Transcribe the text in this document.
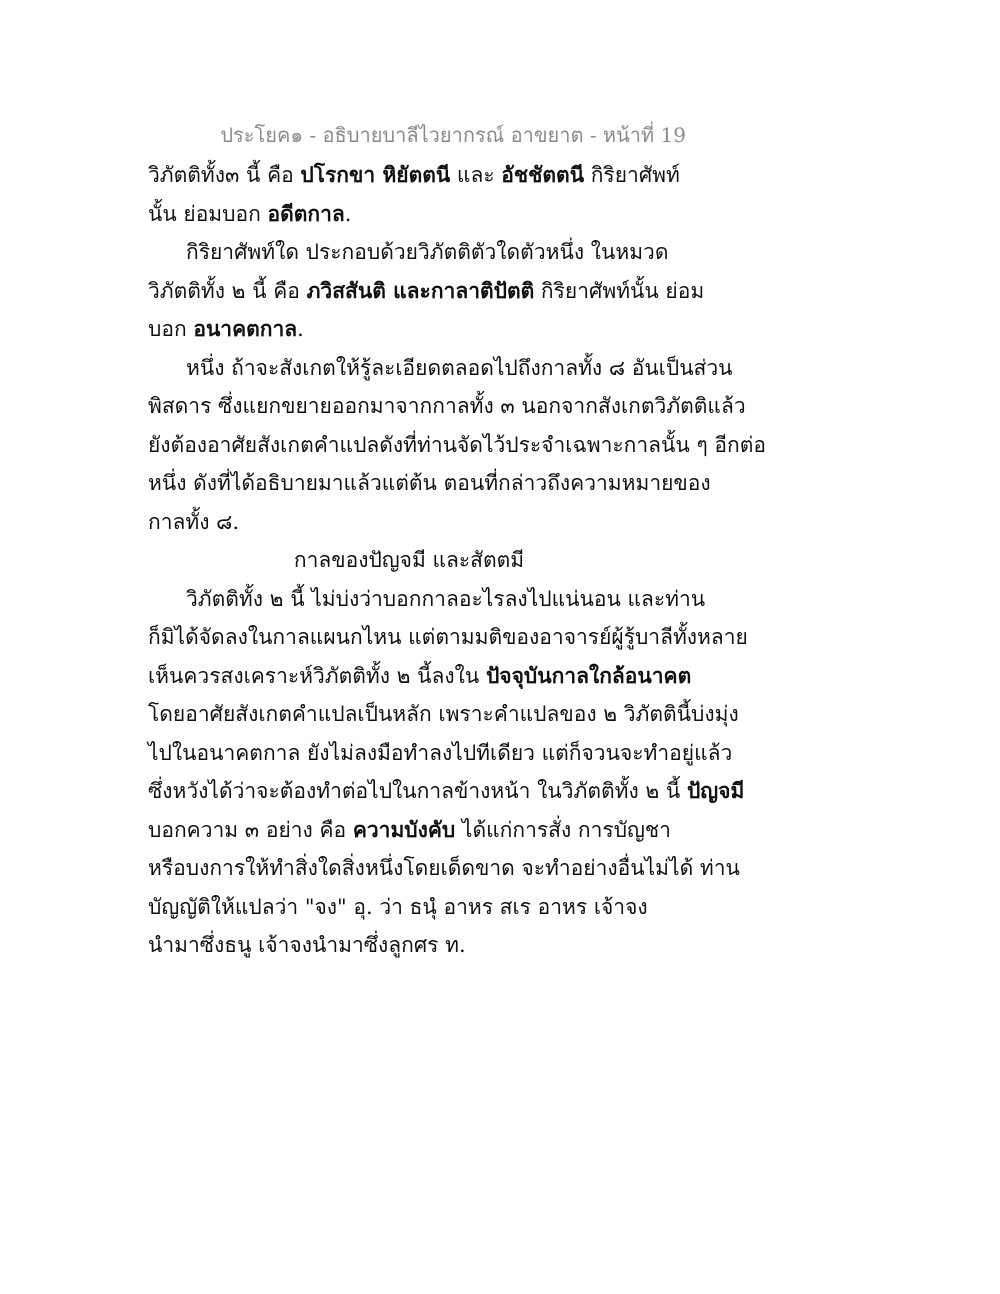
ประโยค๑ - อธิบายบาลีไวยากรณ์ อาขยาต - หน้าที่ 19
วิภัตติทั้ง๓ นี้ คือ ปโรกขา หิยัตตนี และ อัชชัตตนี กิริยาศัพท์
นั้น ย่อมบอก อดีตกาล.
กิริยาศัพท์ใด ประกอบด้วยวิภัตติตัวใดตัวหนึ่ง ในหมวด
วิภัตติทั้ง ๒ นี้ คือ ภวิสสันติ และกาลาติปัตติ กิริยาศัพท์นั้น ย่อม
บอก อนาคตกาล.
หนึ่ง ถ้าจะสังเกตให้รู้ละเอียดตลอดไปถึงกาลทั้ง ๘ อันเป็นส่วน
พิสดาร ซึ่งแยกขยายออกมาจากกาลทั้ง ๓ นอกจากสังเกตวิภัตติแล้ว
ยังต้องอาศัยสังเกตคำแปลดังที่ท่านจัดไว้ประจำเฉพาะกาลนั้น ๆ อีกต่อ
หนึ่ง ดังที่ได้อธิบายมาแล้วแต่ต้น ตอนที่กล่าวถึงความหมายของ
กาลทั้ง ๘.
กาลของปัญจมี และสัตตมี
วิภัตติทั้ง ๒ นี้ ไม่บ่งว่าบอกกาลอะไรลงไปแน่นอน และท่าน
ก็มิได้จัดลงในกาลแผนกไหน แต่ตามมติของอาจารย์ผู้รู้บาลีทั้งหลาย
เห็นควรสงเคราะห์วิภัตติทั้ง ๒ นี้ลงใน ปัจจุบันกาลใกล้อนาคต
โดยอาศัยสังเกตคำแปลเป็นหลัก เพราะคำแปลของ ๒ วิภัตตินี้บ่งมุ่ง
ไปในอนาคตกาล ยังไม่ลงมือทำลงไปทีเดียว แต่ก็จวนจะทำอยู่แล้ว
ซึ่งหวังได้ว่าจะต้องทำต่อไปในกาลข้างหน้า ในวิภัตติทั้ง ๒ นี้ ปัญจมี
บอกความ ๓ อย่าง คือ ความบังคับ ได้แก่การสั่ง การบัญชา
หรือบงการให้ทำสิ่งใดสิ่งหนึ่งโดยเด็ดขาด จะทำอย่างอื่นไม่ได้ ท่าน
บัญญัติให้แปลว่า "จง" อุ. ว่า ธนุํ อาหร สเร อาหร เจ้าจง
นำมาซึ่งธนู เจ้าจงนำมาซึ่งลูกศร ท.
